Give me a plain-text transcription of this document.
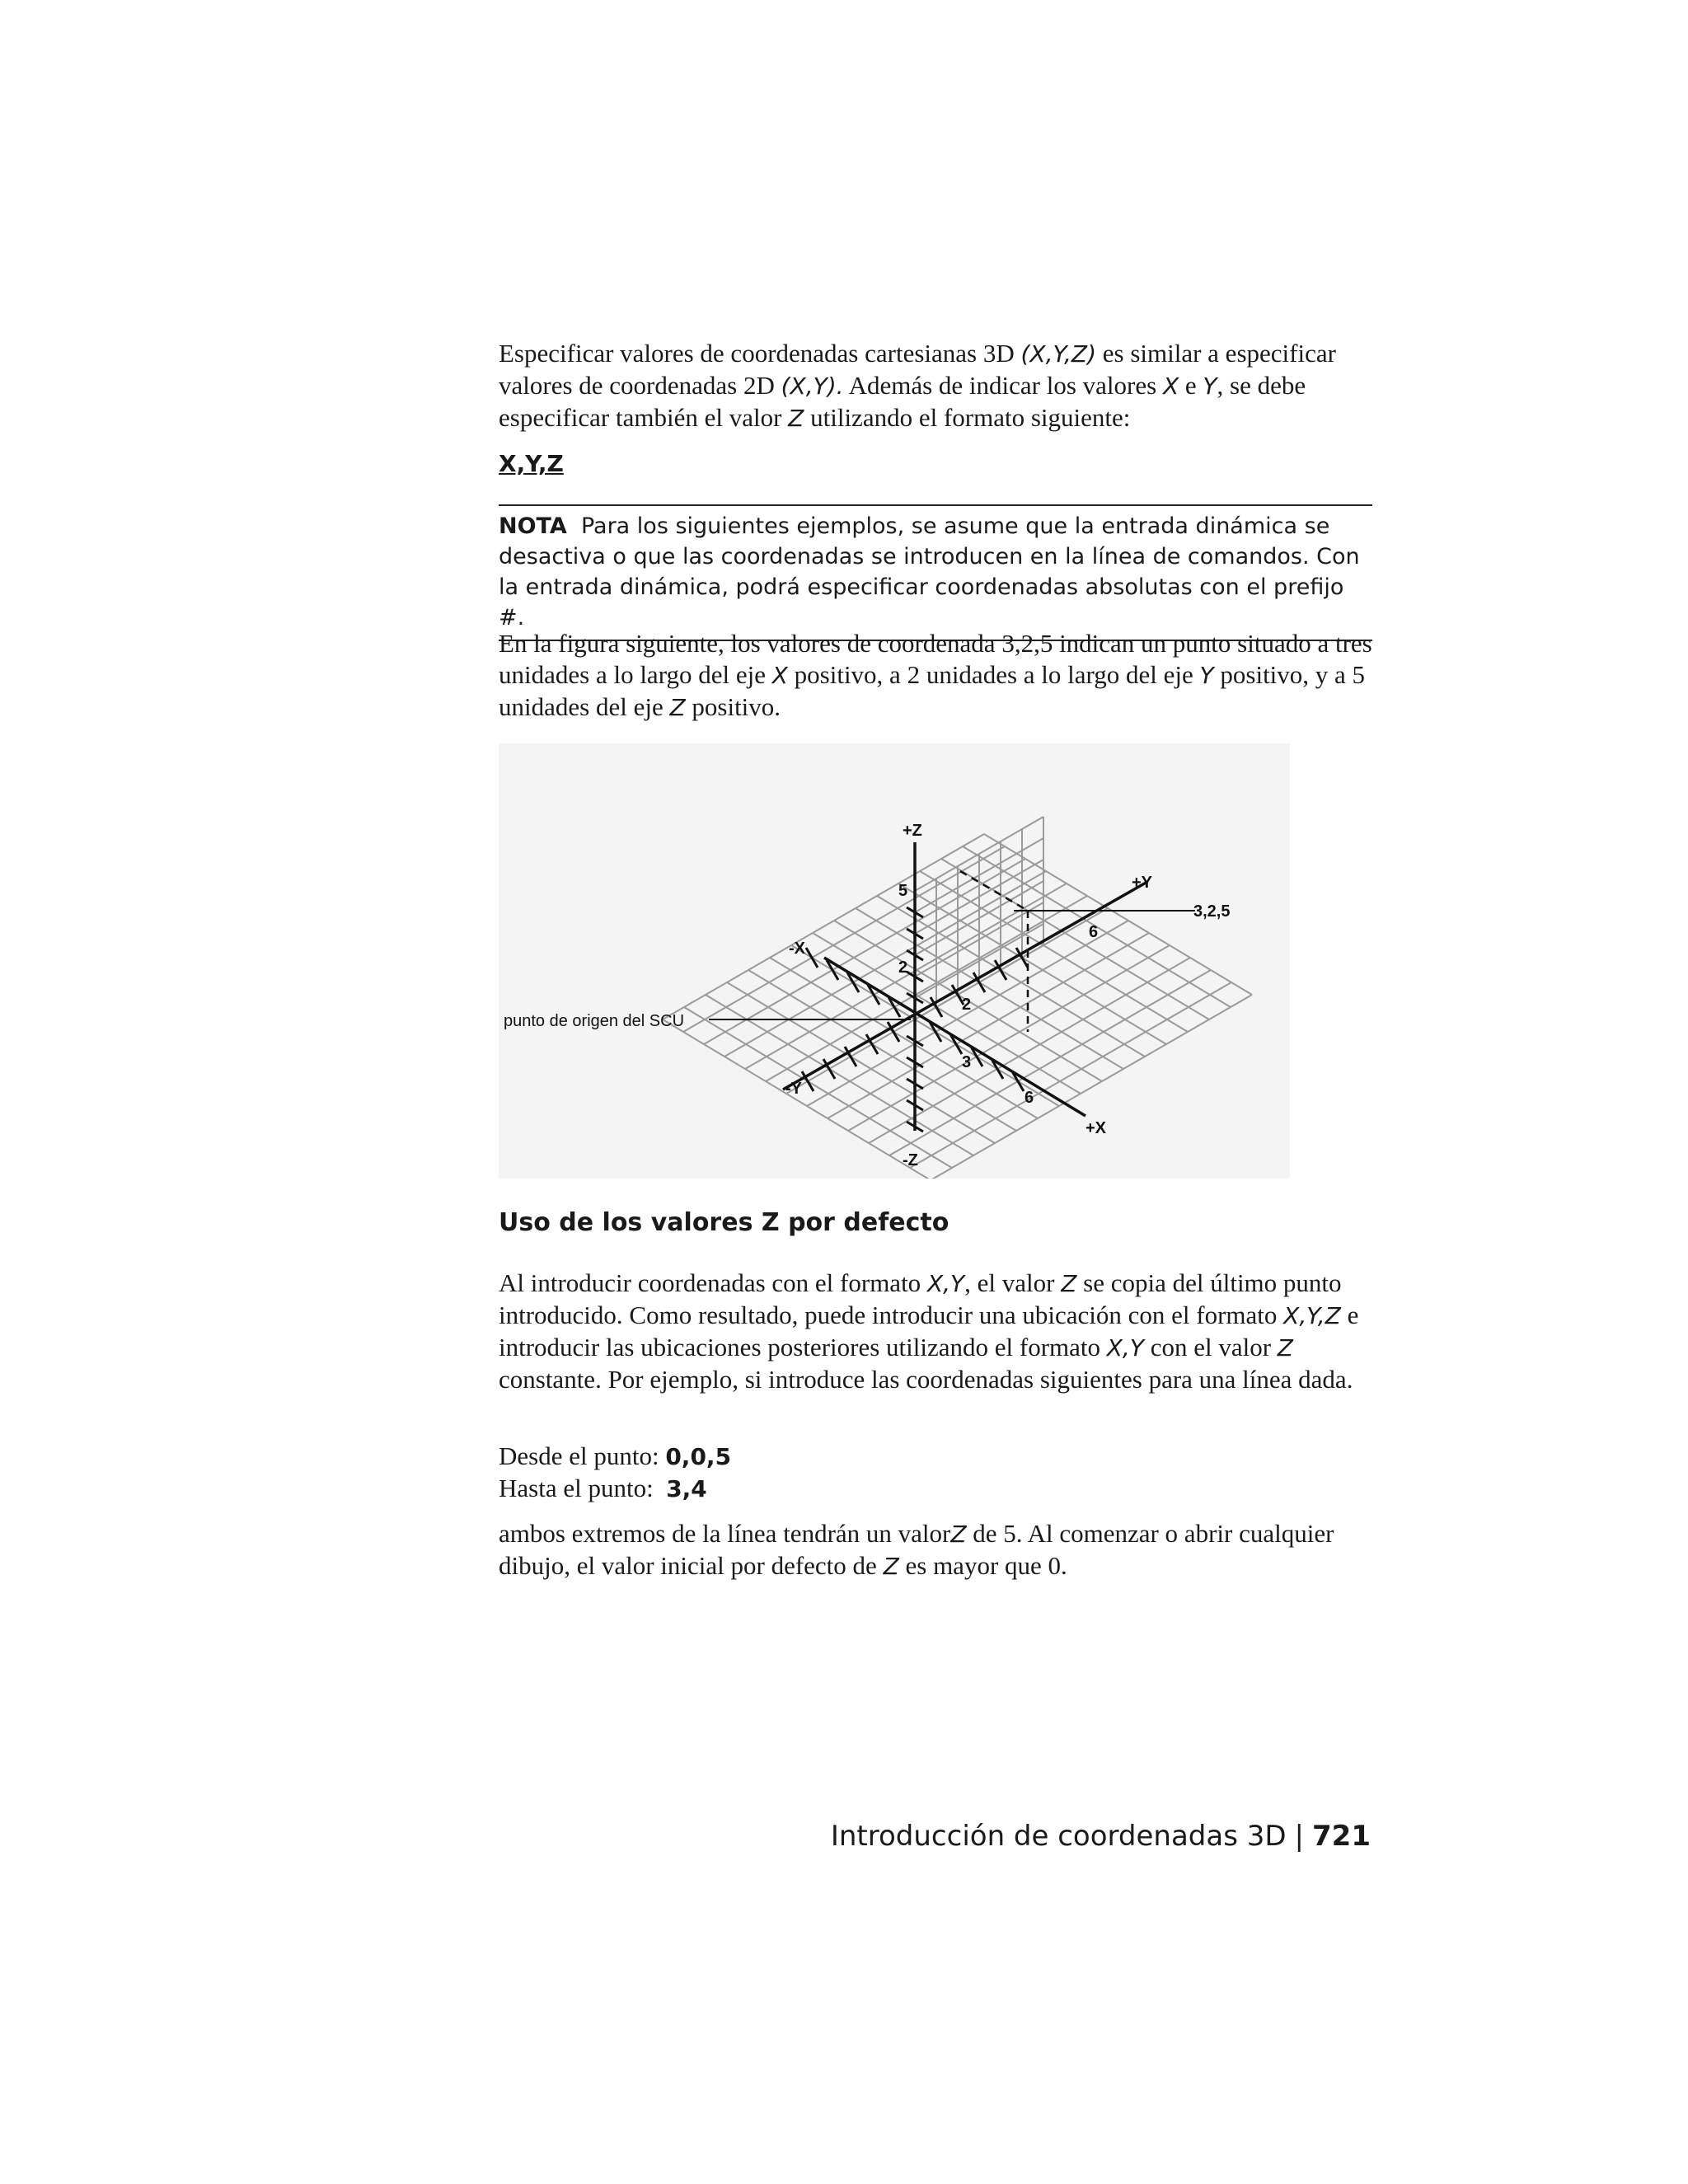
Especificar valores de coordenadas cartesianas 3D (X,Y,Z) es similar a especificar valores de coordenadas 2D (X,Y). Además de indicar los valores X e Y, se debe especificar también el valor Z utilizando el formato siguiente:
X,Y,Z
NOTA Para los siguientes ejemplos, se asume que la entrada dinámica se desactiva o que las coordenadas se introducen en la línea de comandos. Con la entrada dinámica, podrá especificar coordenadas absolutas con el prefijo #.
En la figura siguiente, los valores de coordenada 3,2,5 indican un punto situado a tres unidades a lo largo del eje X positivo, a 2 unidades a lo largo del eje Y positivo, y a 5 unidades del eje Z positivo.
punto de origen del SCU
3,2,5
+Z
-Z
+Y
-Y
+X
-X
5
2
2
6
3
6
Uso de los valores Z por defecto
Al introducir coordenadas con el formato X,Y, el valor Z se copia del último punto introducido. Como resultado, puede introducir una ubicación con el formato X,Y,Z e introducir las ubicaciones posteriores utilizando el formato X,Y con el valor Z constante. Por ejemplo, si introduce las coordenadas siguientes para una línea dada.
Desde el punto: 0,0,5
Hasta el punto:  3,4
ambos extremos de la línea tendrán un valorZ de 5. Al comenzar o abrir cualquier dibujo, el valor inicial por defecto de Z es mayor que 0.
Introducción de coordenadas 3D | 721
